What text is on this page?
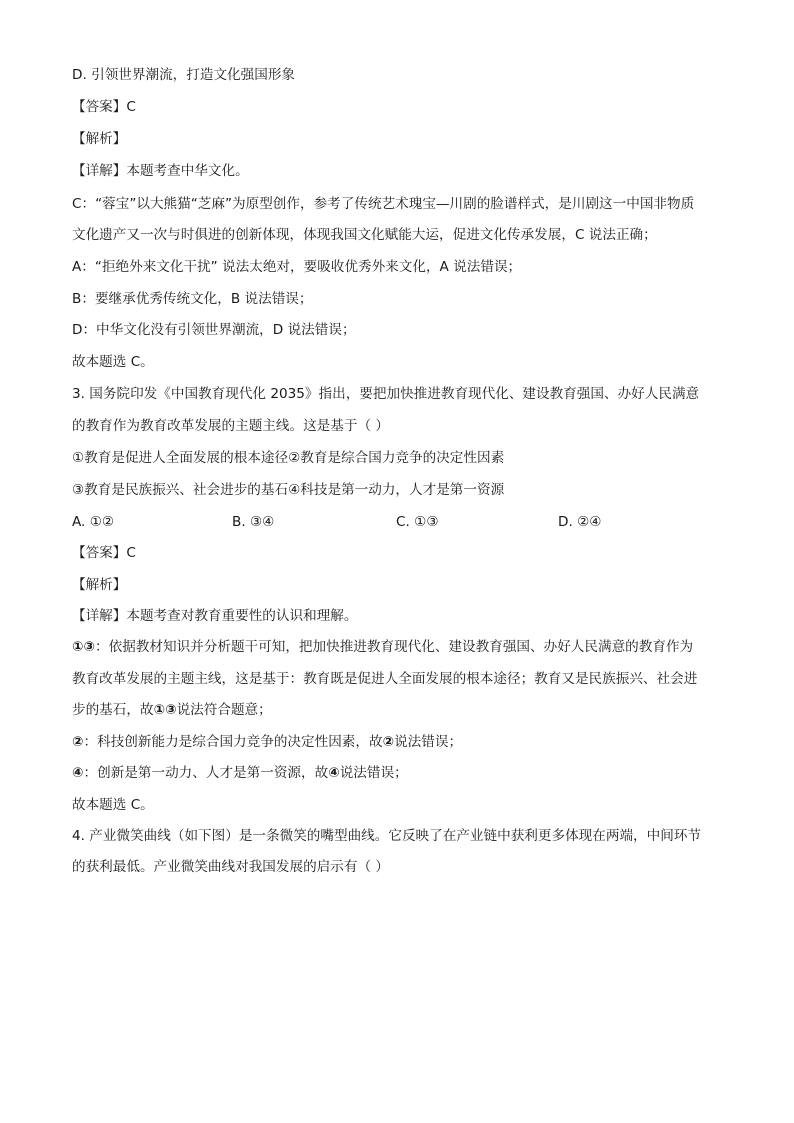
D. 引领世界潮流，打造文化强国形象
【答案】C
【解析】
【详解】本题考查中华文化。
C：“蓉宝”以大熊猫“芝麻”为原型创作，参考了传统艺术瑰宝—川剧的脸谱样式，是川剧这一中国非物质
文化遗产又一次与时俱进的创新体现，体现我国文化赋能大运，促进文化传承发展，C 说法正确；
A：“拒绝外来文化干扰” 说法太绝对，要吸收优秀外来文化，A 说法错误；
B：要继承优秀传统文化，B 说法错误；
D：中华文化没有引领世界潮流，D 说法错误；
故本题选 C。
3. 国务院印发《中国教育现代化 2035》指出，要把加快推进教育现代化、建设教育强国、办好人民满意
的教育作为教育改革发展的主题主线。这是基于（ ）
①教育是促进人全面发展的根本途径②教育是综合国力竞争的决定性因素
③教育是民族振兴、社会进步的基石④科技是第一动力，人才是第一资源
A. ①②	B. ③④	C. ①③	D. ②④
【答案】C
【解析】
【详解】本题考查对教育重要性的认识和理解。
①③：依据教材知识并分析题干可知，把加快推进教育现代化、建设教育强国、办好人民满意的教育作为
教育改革发展的主题主线，这是基于：教育既是促进人全面发展的根本途径；教育又是民族振兴、社会进
步的基石，故①③说法符合题意；
②：科技创新能力是综合国力竞争的决定性因素，故②说法错误；
④：创新是第一动力、人才是第一资源，故④说法错误；
故本题选 C。
4. 产业微笑曲线（如下图）是一条微笑的嘴型曲线。它反映了在产业链中获利更多体现在两端，中间环节
的获利最低。产业微笑曲线对我国发展的启示有（ ）
